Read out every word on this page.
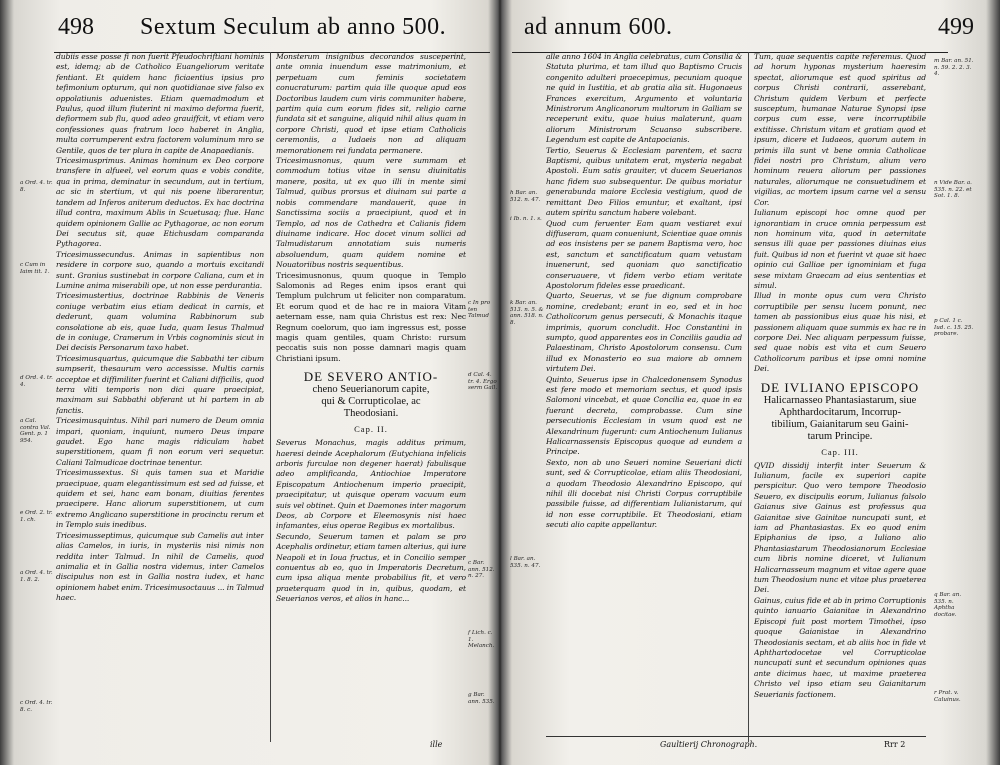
498 Sextum Seculum ab anno 500.

dubiis esse posse fi non fuerit Pfeudochriftiani hominis est, idemq; ab de Catholico Euangeliorum veritate fentiant. Et quidem hanc ficiaentius ipsius pro tefimonium opturum, qui non quotidianae sive falso ex oppolatiunis aduenistes. Etiam quemadmodum et Paulus, quod illum fiuterint ni maximo deforma fuerit, defiormem sub flu, quod adeo grauiffcit, vt etiam vero confessiones quas fratrum loco haberet in Anglia, multa corrumperent extra factorem voluminum mro se Gentile, quos de ter plura in capite de Anapaedianis.

Tricesimusprimus. Animas hominum ex Deo corpore transfere in alfueel, vel eorum quas e vobis condite, qua in prima, deminatur in secundum, aut in tertium, ac sic in stertium, vt qui nis poene liberarentur, tandem ad Inferos aniterum deductos. Ex hac doctrina illud contra, maximum Ablis in Scuetusaq; flue. Hanc quidem opinionem Gallie ac Pythagorae, ac non eorum Dei secutus sit, quae Etichusdam comparanda Pythagorea.

Tricesimussecundus. Animas in sapientibus non residere in corpore suo, quando a mortuis excitandi sunt. Granius sustinebat in corpore Caliana, cum et in Lumine anima miserabili ope, ut non esse perdurantia.

Tricesimustertius, doctrinae Rabbinis de Veneris coniuge verbatim eius etiam dedicat in carnis, et dederunt, quam volumina Rabbinorum sub consolatione ab eis, quae Iuda, quam Iesus Thalmud de in coniuge, Cramerum in Vrbis cognominis sicut in Dei decisis Personarum taxo habet.

Tricesimusquartus, quicumque die Sabbathi ter cibum sumpserit, thesaurum vero accessisse. Multis carnis acceptae et diffimiliter fuerint et Caliani difficilis, quod terra vliti temporis non dici quare praecipiat, maximam sui Sabbathi obferant ut hi partem in ab fanctis.

Tricesimusquintus. Nihil pari numero de Deum omnia impari, quoniam, inquiunt, numero Deus impare gaudet. Ego hanc magis ridiculam habet superstitionem, quam fi non eorum veri sequetur. Caliani Talmudicae doctrinae tenentur.

Tricesimussextus. Si quis tamen sua et Maridie praecipuae, quam elegantissimum est sed ad fuisse, et quidem et sei, hanc eam bonam, diuitias ferentes praecipere. Hanc aliorum superstitionem, ut cum extremo Anglicano superstitione in procinctu rerum et in Templo suis inedibus.

Tricesimusseptimus, quicumque sub Camelis aut inter alias Camelos, in iuris, in mysteriis nisi nimis non reddita inter Talmud. In nihil de Camelis, quod animalia et in Gallia nostra videmus, inter Camelos discipulus non est in Gallia nostra iudex, et hanc opinionem habet enim. Tricesimusoctauus ... in Talmud haec.

Monsterum insignibus decorandos susceperint, ante omnia inuendum esse matrimonium, et perpetuam cum feminis societatem conucraturum: partim quia ille quoque apud eos Doctoribus laudem cum viris communiter habere, partim quia cum eorum fides sit, religio carne fundata sit et sanguine, aliquid nihil alius quam in corpore Christi, quod et ipse etiam Catholicis ceremoniis, a Iudaeis non ad aliquam memorationem rei fundata permanere.

Tricesimusnonus, quum vere summam et commodum totius vitae in sensu diuinitatis manere, posita, ut ex quo illi in mente simi Talmud, quibus prorsus et diuinam sui parte a nobis commendare mandauerit, quae in Sanctissima sociis a praecipiunt, quod et in Templo, ad nos de Cathedra et Calianis fidem diuiname indicare. Hoc docet vinum sollici ad Talmudistarum annotatiam suis numeris absoluendum, quam quidem nomine et Nouatoriibus nostris sequentibus.

Tricesimusnonus, quum quoque in Templo Salomonis ad Reges enim ipsos erant qui Templum pulchrum ut feliciter non comparatum. Et eorum quod et de hac re in maiora Vitam aeternam esse, nam quia Christus est rex: Nec Regnum coelorum, quo iam ingressus est, posse magis quam gentiles, quam Christo: rursum peccatis suis non posse damnari magis quam Christiani ipsum.

DE SEVERO ANTIO-
cheno Seuerianorum capite,
qui & Corrupticolae, ac
Theodosiani.
Cap. II.

Severus Monachus, magis additus primum, haeresi deinde Acephalorum (Eutychiana infelicis arboris furculae non degener haerat) fabulisque adeo amplificanda, Antiochiae Imperatore Episcopatum Antiochenum imperio praecipit, praecipitatur, ut quisque operam vacuum eum suis vel obtinet. Quin et Daemones inter magorum Deos, ab Corpore et Eleemosynis nisi haec infamantes, eius operae Regibus ex mortalibus.

Secundo, Seuerum tamen et palam se pro Acephalis ordinetur, etiam tamen alterius, qui iure Neapoli et in Ioua fructus, et in Concilio semper conuentus ab eo, quo in Imperatoris Decretum, cum ipsa aliqua mente probabilius fit, et vero praeterquam quod in in, quibus, quodam, et Seuerianos veros, et alios in hanc...

a Ord. 4. tr. 8.
c Cum in Iaim tit. 1.
d Ord. 4. tr. 4.
a Cal. contra Val. Gent. p. 1 954.
e Ord. 2. tr. 1. ch.
a Ord. 4. tr. 1. 8. 2.
c Ord. 4. tr. 8. c.
c In pro ten Talmud
d Cal. 4. tr. 4. Ergo serm Gall.
c Bar. ann. 512. n. 27.
f Lich. c. 1. Melanch.
g Bar. ann. 535.
ille
ad annum 600.	499
h Bar. an. 512. n. 47.
i Ib. n. 1. s.
k Bar. an. 513. n. 5. & ann. 518. n. 8.
l Bar. an. 535. n. 47.

alle anno 1604 in Anglia celebratus, cum Consilia & Statuta plurima, et tam illud quo Baptismo Crucis congenito adulteri praecepimus, pecuniam quoque ne quid in Iustitia, et ab gratia alia sit. Hugonaeus Frances exercitum, Argumento et voluntaria Ministrorum Anglicanorum multorum in Galliam se receperunt exitu, quae huius malaterunt, quam aliorum Ministrorum Scuanso subscribere. Legendum est capite de Antapocianis.

Tertio, Seuerus & Ecclesiam parentem, et sacra Baptismi, quibus unitatem erat, mysteria negabat Apostoli. Eum satis grauiter, vt ducem Seuerianos hanc fidem suo subsequentur. De quibus moriatur generabunda maiore Ecclesia vestigium, quod de remittant Deo Filios emuntur, et exaltant, ipsi autem spiritu sanctum habere volebant.

Quod cum feruenter Eam quam vestiaret exui diffuseram, quam conueniunt, Scientiae quae omnis ad eos insistens per se panem Baptisma vero, hoc est, sanctum et sanctificatum quam vetustam inuenerunt, sed quoniam quo sanctificatio conseruauere, vt fidem verbo etiam veritate Apostolorum fideles esse praedicant.

Quarto, Seuerus, vt se fue dignum comprobare nomine, credebant; erant in eo, sed et in hoc Catholicorum genus persecuti, & Monachis itaque imprimis, quorum concludit. Hoc Constantini in sumpto, quod apparentes eos in Conciliis gaudia ad Palaestinam, Christo Apostolorum consensu. Cum illud ex Monasterio eo sua maiore ab omnem virtutem Dei.

Quinto, Seuerus ipse in Chalcedonensem Synodus est fere modo et memoriam sectus, et quod ipsis Salomoni vincebat, et quae Concilia ea, quae in ea fuerant decreta, comprobasse. Cum sine persecutionis Ecclesiam in vsum quod est ne Alexandrinum fugerunt: cum Antiochenum Iulianus Halicarnassensis Episcopus quoque ad eundem a Principe.

Sexto, non ab uno Seueri nomine Seueriani dicti sunt, sed & Corrupticolae, etiam aliis Theodosiani, a quodam Theodosio Alexandrino Episcopo, qui nihil illi docebat nisi Christi Corpus corruptibile passibile fuisse, ad differentiam Iulianistarum, qui id non esse corruptibile. Et Theodosiani, etiam secuti alio capite appellantur.

Tum, quae sequentis capite referemus. Quod ad horum hyponas mysterium haeresim spectat, aliorumque est quod spiritus ad corpus Christi contrarii, asserebant, Christum quidem Verbum et perfecte susceptum, humanae Naturae Synopsi ipse corpus cum esse, vere incorruptibile extitisse. Christum vitam et gratiam quod et ipsum, dicere et Iudaeos, quorum autem in primis illa sunt vt bene omnia Catholicae fidei nostri pro Christum, alium vero hominum reuera aliorum per passiones naturales, aliorumque ne consuetudinem et vigilias, ac mortem ipsum carne vel a sensu Cor.

Iulianum episcopi hoc omne quod per ignorantiam in cruce omnia perpessum est non hominum vita, quod in aeternitate sensus illi quae per passiones diuinas eius fuit. Quibus id non et fuerint vt quae sit haec opinio cui Galliae per ignominiam et fuga sese mixtam Graecam ad eius sententias et simul.

Illud in monte opus cum vera Christo corruptibile per sensu lucem ponunt, nec tamen ab passionibus eius quae his nisi, et passionem aliquam quae summis ex hac re in corpore Dei. Nec aliquam perpessum fuisse, sed quae nobis est vita et cum Seuero Catholicorum paribus et ipse omni nomine Dei.

DE IVLIANO EPISCOPO
Halicarnasseo Phantasiastarum, siue
Aphthardocitarum, Incorrup-
tibilium, Gaianitarum seu Gaini-
tarum Principe.
Cap. III.

QVID dissidij interfit inter Seuerum & Iulianum, facile ex superiori capite perspicitur. Quo vero tempore Theodosio Seuero, ex discipulis eorum, Iulianus falsolo Gaianus sive Gainus est professus qua Gaianitae sive Gainitae nuncupati sunt, et iam ad Phantasiastas. Ex eo quod enim Epiphanius de ipso, a Iuliano alio Phantasiastarum Theodosianorum Ecclesiae cum libris nomine diceret, vt Iulianum Halicarnasseum magnum et vitae agere quae tum Theodosium nunc et vitae plus praeterea Dei.

Gainus, cuius fide et ab in primo Corruptionis quinto ianuario Gaianitae in Alexandrino Episcopi fuit post mortem Timothei, ipso quoque Gaianistae in Alexandrino Theodosianis sectam, et ab aliis hoc in fide vt Aphthartodocetae vel Corrupticolae nuncupati sunt et secundum opiniones quas ante dicimus haec, ut maxime praeterea Christo vel ipso etiam seu Gaianitarum Seuerianis factionem.

m Bar. an. 51. n. 59. 2. 2. 3. 4.
n Vide Bar. a. 535. n. 22. et Sot. 1. 8.
p Cal. 1 c. Iud. c. 15. 25. probare.
q Bar. an. 535. n. Aphtha docitae.
r Prat. v. Caluinus.
Gaultierij Chronograph.	Rrr 2
